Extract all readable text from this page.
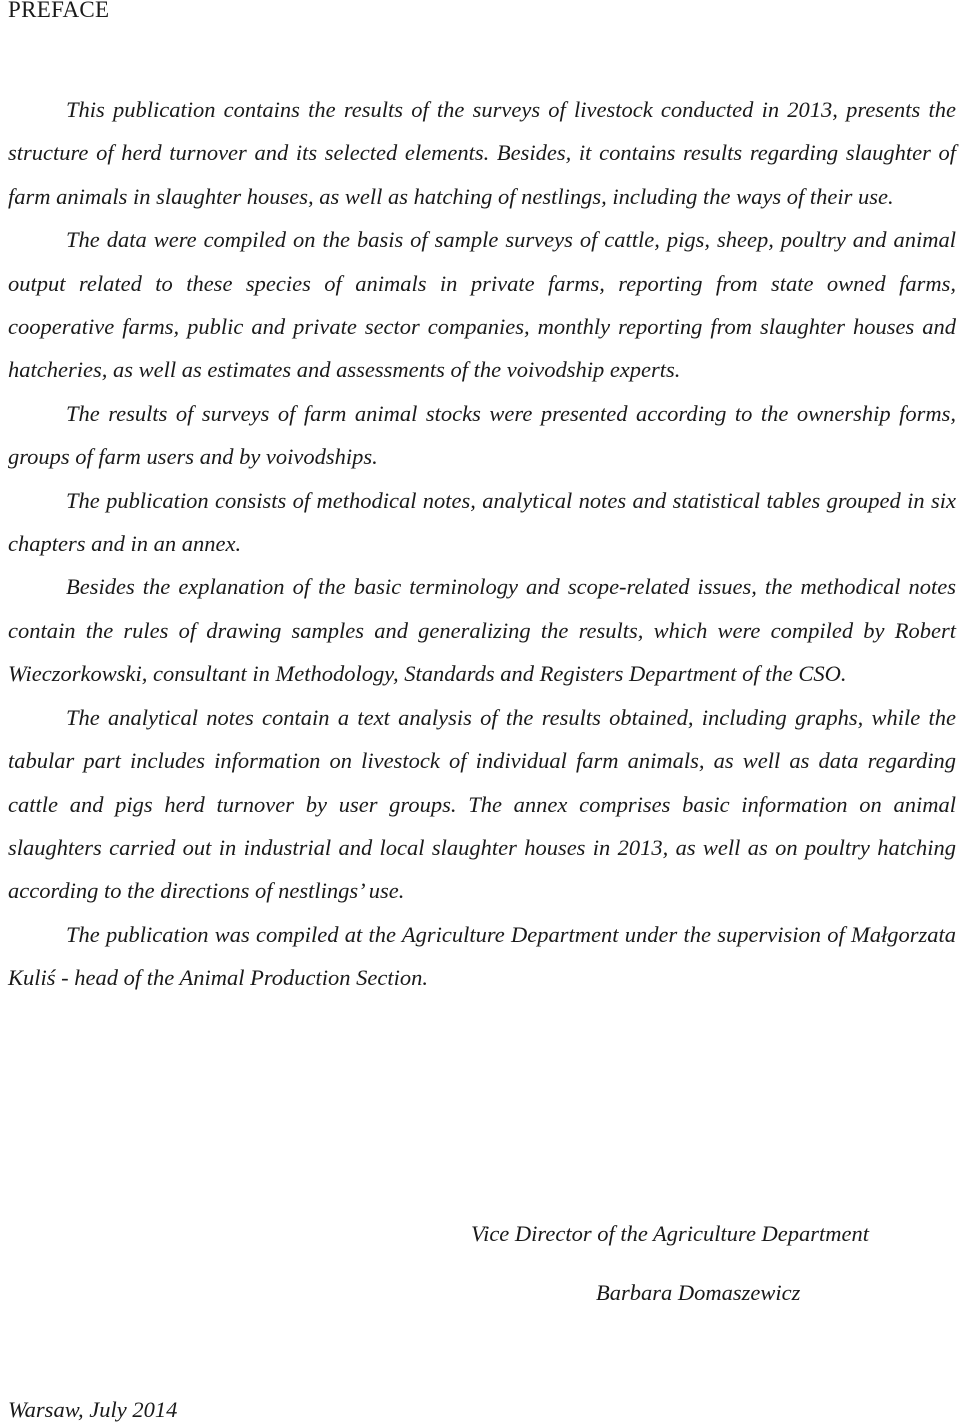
PREFACE

This publication contains the results of the surveys of livestock conducted in 2013, presents the structure of herd turnover and its selected elements. Besides, it contains results regarding slaughter of farm animals in slaughter houses, as well as hatching of nestlings, including the ways of their use.

The data were compiled on the basis of sample surveys of cattle, pigs, sheep, poultry and animal output related to these species of animals in private farms, reporting from state owned farms, cooperative farms, public and private sector companies, monthly reporting from slaughter houses and hatcheries, as well as estimates and assessments of the voivodship experts.

The results of surveys of farm animal stocks were presented according to the ownership forms, groups of farm users and by voivodships.

The publication consists of methodical notes, analytical notes and statistical tables grouped in six chapters and in an annex.

Besides the explanation of the basic terminology and scope-related issues, the methodical notes contain the rules of drawing samples and generalizing the results, which were compiled by Robert Wieczorkowski, consultant in Methodology, Standards and Registers Department of the CSO.

The analytical notes contain a text analysis of the results obtained, including graphs, while the tabular part includes information on livestock of individual farm animals, as well as data regarding cattle and pigs herd turnover by user groups. The annex comprises basic information on animal slaughters carried out in industrial and local slaughter houses in 2013, as well as on poultry hatching according to the directions of nestlings’ use.

The publication was compiled at the Agriculture Department under the supervision of Małgorzata Kuliś - head of the Animal Production Section.

Vice Director of the Agriculture Department
Barbara Domaszewicz
Warsaw, July 2014
